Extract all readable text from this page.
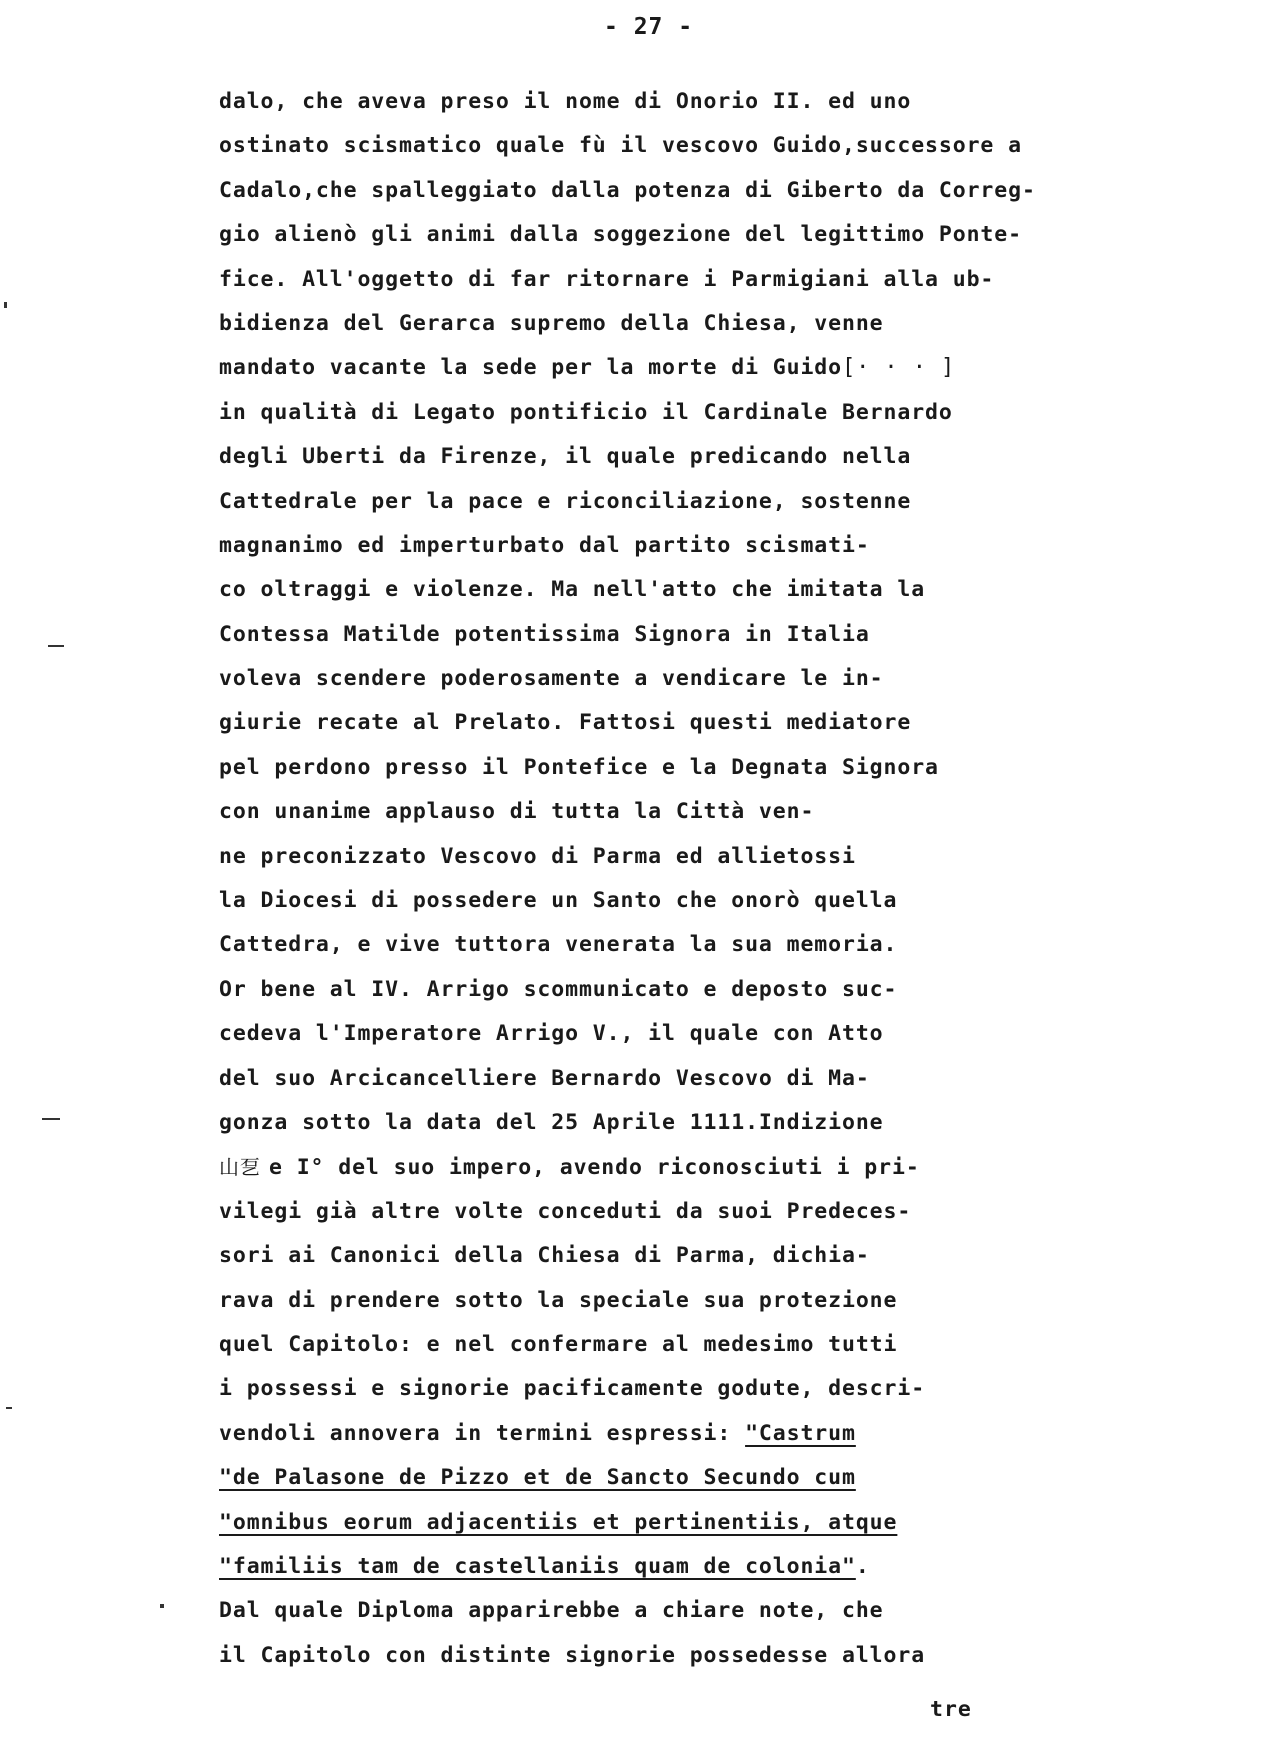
- 27 -
dalo, che aveva preso il nome di Onorio II. ed uno
ostinato scismatico quale fù il vescovo Guido,successore a
Cadalo,che spalleggiato dalla potenza di Giberto da Correg-
gio alienò gli animi dalla soggezione del legittimo Ponte-
fice. All'oggetto di far ritornare i Parmigiani alla ub-
bidienza del Gerarca supremo della Chiesa, venne
mandato vacante la sede per la morte di Guido[· · · ]
in qualità di Legato pontificio il Cardinale Bernardo
degli Uberti da Firenze, il quale predicando nella
Cattedrale per la pace e riconciliazione, sostenne
magnanimo ed imperturbato dal partito scismati-
co oltraggi e violenze. Ma nell'atto che imitata la
Contessa Matilde potentissima Signora in Italia
voleva scendere poderosamente a vendicare le in-
giurie recate al Prelato. Fattosi questi mediatore
pel perdono presso il Pontefice e la Degnata Signora
con unanime applauso di tutta la Città ven-
ne preconizzato Vescovo di Parma ed allietossi
la Diocesi di possedere un Santo che onorò quella
Cattedra, e vive tuttora venerata la sua memoria.
Or bene al IV. Arrigo scommunicato e deposto suc-
cedeva l'Imperatore Arrigo V., il quale con Atto
del suo Arcicancelliere Bernardo Vescovo di Ma-
gonza sotto la data del 25 Aprile 1111.Indizione
山乭 e I° del suo impero, avendo riconosciuti i pri-
vilegi già altre volte conceduti da suoi Predeces-
sori ai Canonici della Chiesa di Parma, dichia-
rava di prendere sotto la speciale sua protezione
quel Capitolo: e nel confermare al medesimo tutti
i possessi e signorie pacificamente godute, descri-
vendoli annovera in termini espressi: "Castrum
"de Palasone de Pizzo et de Sancto Secundo cum
"omnibus eorum adjacentiis et pertinentiis, atque
"familiis tam de castellaniis quam de colonia".
Dal quale Diploma apparirebbe a chiare note, che
il Capitolo con distinte signorie possedesse allora
tre
